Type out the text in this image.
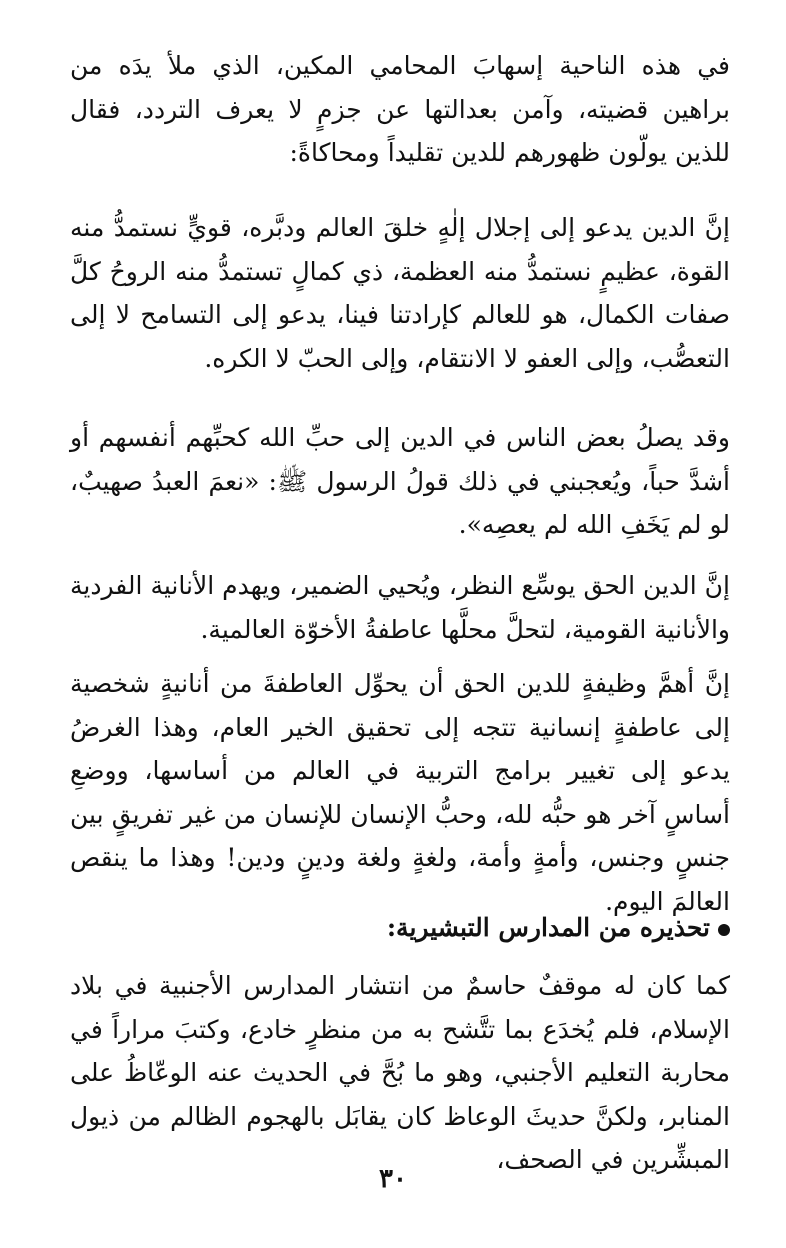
في هذه الناحية إسهابَ المحامي المكين، الذي ملأ يدَه من براهين قضيته، وآمن بعدالتها عن جزمٍ لا يعرف التردد، فقال للذين يولّون ظهورهم للدين تقليداً ومحاكاةً:

إنَّ الدين يدعو إلى إجلال إلٰهٍ خلقَ العالم ودبَّره، قويٍّ نستمدُّ منه القوة، عظيمٍ نستمدُّ منه العظمة، ذي كمالٍ تستمدُّ منه الروحُ كلَّ صفات الكمال، هو للعالم كإرادتنا فينا، يدعو إلى التسامح لا إلى التعصُّب، وإلى العفو لا الانتقام، وإلى الحبّ لا الكره.

وقد يصلُ بعض الناس في الدين إلى حبِّ الله كحبِّهم أنفسهم أو أشدَّ حباً، ويُعجبني في ذلك قولُ الرسول ﷺ: «نعمَ العبدُ صهيبٌ، لو لم يَخَفِ الله لم يعصِه».

إنَّ الدين الحق يوسِّع النظر، ويُحيي الضمير، ويهدم الأنانية الفردية والأنانية القومية، لتحلَّ محلَّها عاطفةُ الأخوّة العالمية.

إنَّ أهمَّ وظيفةٍ للدين الحق أن يحوِّل العاطفةَ من أنانيةٍ شخصية إلى عاطفةٍ إنسانية تتجه إلى تحقيق الخير العام، وهذا الغرضُ يدعو إلى تغيير برامج التربية في العالم من أساسها، ووضعِ أساسٍ آخر هو حبُّه لله، وحبُّ الإنسان للإنسان من غير تفريقٍ بين جنسٍ وجنس، وأمةٍ وأمة، ولغةٍ ولغة ودينٍ ودين! وهذا ما ينقص العالمَ اليوم.

تحذيره من المدارس التبشيرية:

كما كان له موقفٌ حاسمٌ من انتشار المدارس الأجنبية في بلاد الإسلام، فلم يُخدَع بما تتَّشح به من منظرٍ خادع، وكتبَ مراراً في محاربة التعليم الأجنبي، وهو ما بُحَّ في الحديث عنه الوعّاظُ على المنابر، ولكنَّ حديثَ الوعاظ كان يقابَل بالهجوم الظالم من ذيول المبشِّرين في الصحف،

٣٠
